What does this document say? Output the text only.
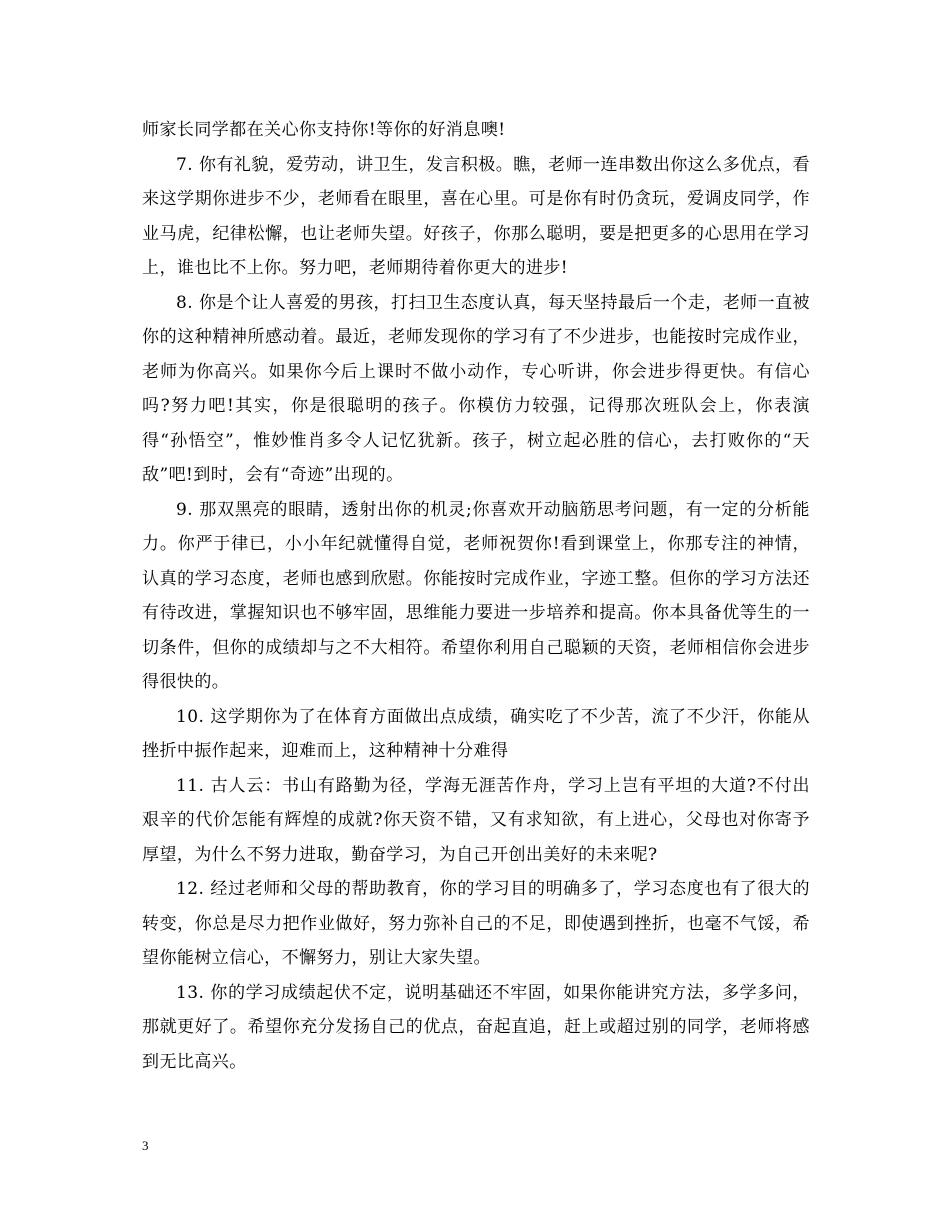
师家长同学都在关心你支持你!等你的好消息噢!

7. 你有礼貌，爱劳动，讲卫生，发言积极。瞧，老师一连串数出你这么多优点，看来这学期你进步不少，老师看在眼里，喜在心里。可是你有时仍贪玩，爱调皮同学，作业马虎，纪律松懈，也让老师失望。好孩子，你那么聪明，要是把更多的心思用在学习上，谁也比不上你。努力吧，老师期待着你更大的进步!

8. 你是个让人喜爱的男孩，打扫卫生态度认真，每天坚持最后一个走，老师一直被你的这种精神所感动着。最近，老师发现你的学习有了不少进步，也能按时完成作业，老师为你高兴。如果你今后上课时不做小动作，专心听讲，你会进步得更快。有信心吗?努力吧!其实，你是很聪明的孩子。你模仿力较强，记得那次班队会上，你表演得“孙悟空”，惟妙惟肖多令人记忆犹新。孩子，树立起必胜的信心，去打败你的“天敌”吧!到时，会有“奇迹”出现的。

9. 那双黑亮的眼睛，透射出你的机灵;你喜欢开动脑筋思考问题，有一定的分析能力。你严于律已，小小年纪就懂得自觉，老师祝贺你!看到课堂上，你那专注的神情，认真的学习态度，老师也感到欣慰。你能按时完成作业，字迹工整。但你的学习方法还有待改进，掌握知识也不够牢固，思维能力要进一步培养和提高。你本具备优等生的一切条件，但你的成绩却与之不大相符。希望你利用自己聪颖的天资，老师相信你会进步得很快的。

10. 这学期你为了在体育方面做出点成绩，确实吃了不少苦，流了不少汗，你能从挫折中振作起来，迎难而上，这种精神十分难得

11. 古人云：书山有路勤为径，学海无涯苦作舟，学习上岂有平坦的大道?不付出艰辛的代价怎能有辉煌的成就?你天资不错，又有求知欲，有上进心，父母也对你寄予厚望，为什么不努力进取，勤奋学习，为自己开创出美好的未来呢?

12. 经过老师和父母的帮助教育，你的学习目的明确多了，学习态度也有了很大的转变，你总是尽力把作业做好，努力弥补自己的不足，即使遇到挫折，也毫不气馁，希望你能树立信心，不懈努力，别让大家失望。

13. 你的学习成绩起伏不定，说明基础还不牢固，如果你能讲究方法，多学多问，那就更好了。希望你充分发扬自己的优点，奋起直追，赶上或超过别的同学，老师将感到无比高兴。

3
